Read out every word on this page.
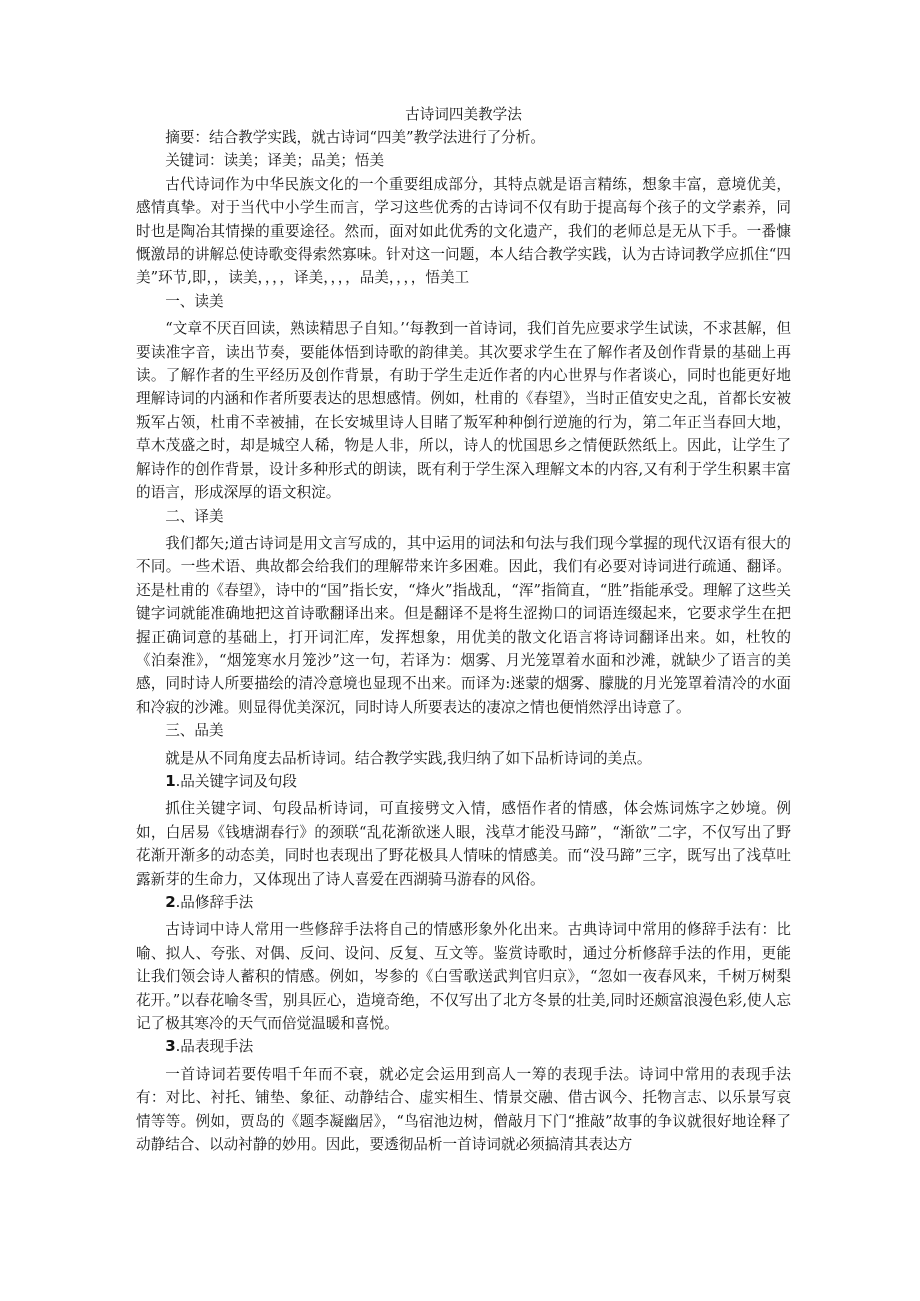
古诗词四美教学法
摘要：结合教学实践，就古诗词“四美”教学法进行了分析。
关键词：读美；译美；品美；悟美

古代诗词作为中华民族文化的一个重要组成部分，其特点就是语言精练，想象丰富，意境优美，感情真挚。对于当代中小学生而言，学习这些优秀的古诗词不仅有助于提高每个孩子的文学素养，同时也是陶冶其情操的重要途径。然而，面对如此优秀的文化遗产，我们的老师总是无从下手。一番慷慨激昂的讲解总使诗歌变得索然寡味。针对这一问题，本人结合教学实践，认为古诗词教学应抓住“四美”环节,即，，读美，，，，译美，，，，品美，，，，悟美工

一、读美

“文章不厌百回读，熟读精思子自知。’‘每教到一首诗词，我们首先应要求学生试读，不求甚解，但要读准字音，读出节奏，要能体悟到诗歌的韵律美。其次要求学生在了解作者及创作背景的基础上再读。了解作者的生平经历及创作背景，有助于学生走近作者的内心世界与作者谈心，同时也能更好地理解诗词的内涵和作者所要表达的思想感情。例如，杜甫的《春望》，当时正值安史之乱，首都长安被叛军占领，杜甫不幸被捕，在长安城里诗人目睹了叛军种种倒行逆施的行为，第二年正当春回大地，草木茂盛之时，却是城空人稀，物是人非，所以，诗人的忧国思乡之情便跃然纸上。因此，让学生了解诗作的创作背景，设计多种形式的朗读，既有利于学生深入理解文本的内容,又有利于学生积累丰富的语言，形成深厚的语文积淀。

二、译美

我们都矢;道古诗词是用文言写成的，其中运用的词法和句法与我们现今掌握的现代汉语有很大的不同。一些术语、典故都会给我们的理解带来许多困难。因此，我们有必要对诗词进行疏通、翻译。还是杜甫的《春望》，诗中的“国”指长安，“烽火”指战乱，“浑”指简直，“胜”指能承受。理解了这些关键字词就能准确地把这首诗歌翻译出来。但是翻译不是将生涩拗口的词语连缀起来，它要求学生在把握正确词意的基础上，打开词汇库，发挥想象，用优美的散文化语言将诗词翻译出来。如，杜牧的《泊秦淮》，“烟笼寒水月笼沙”这一句，若译为：烟雾、月光笼罩着水面和沙滩，就缺少了语言的美感，同时诗人所要描绘的清冷意境也显现不出来。而译为:迷蒙的烟雾、朦胧的月光笼罩着清冷的水面和冷寂的沙滩。则显得优美深沉，同时诗人所要表达的凄凉之情也便悄然浮出诗意了。

三、品美

就是从不同角度去品析诗词。结合教学实践,我归纳了如下品析诗词的美点。

1.品关键字词及句段

抓住关键字词、句段品析诗词，可直接劈文入情，感悟作者的情感，体会炼词炼字之妙境。例如，白居易《钱塘湖春行》的颈联“乱花渐欲迷人眼，浅草才能没马蹄”，“渐欲”二字，不仅写出了野花渐开渐多的动态美，同时也表现出了野花极具人情味的情感美。而“没马蹄”三字，既写出了浅草吐露新芽的生命力，又体现出了诗人喜爱在西湖骑马游春的风俗。

2.品修辞手法

古诗词中诗人常用一些修辞手法将自己的情感形象外化出来。古典诗词中常用的修辞手法有：比喻、拟人、夸张、对偶、反问、设问、反复、互文等。鉴赏诗歌时，通过分析修辞手法的作用，更能让我们领会诗人蓄积的情感。例如，岑参的《白雪歌送武判官归京》，“忽如一夜春风来，千树万树梨花开。”以春花喻冬雪，别具匠心，造境奇绝，不仅写出了北方冬景的壮美,同时还颇富浪漫色彩,使人忘记了极其寒冷的天气而倍觉温暖和喜悦。

3.品表现手法

一首诗词若要传唱千年而不衰，就必定会运用到高人一筹的表现手法。诗词中常用的表现手法有：对比、衬托、铺垫、象征、动静结合、虚实相生、情景交融、借古讽今、托物言志、以乐景写哀情等等。例如，贾岛的《题李凝幽居》，“鸟宿池边树，僧敲月下门“推敲”故事的争议就很好地诠释了动静结合、以动衬静的妙用。因此，要透彻品析一首诗词就必须搞清其表达方
